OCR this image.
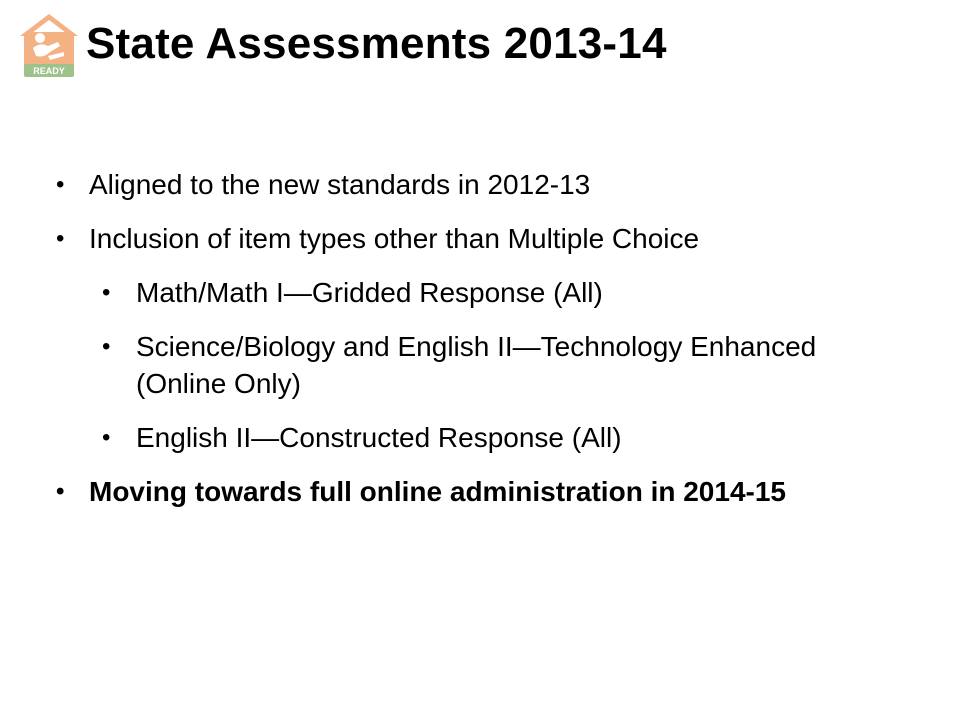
READY
State Assessments 2013-14

• Aligned to the new standards in 2012-13

• Inclusion of item types other than Multiple Choice

• Math/Math I—Gridded Response (All)

• Science/Biology and English II—Technology Enhanced (Online Only)

• English II—Constructed Response (All)

• Moving towards full online administration in 2014-15
